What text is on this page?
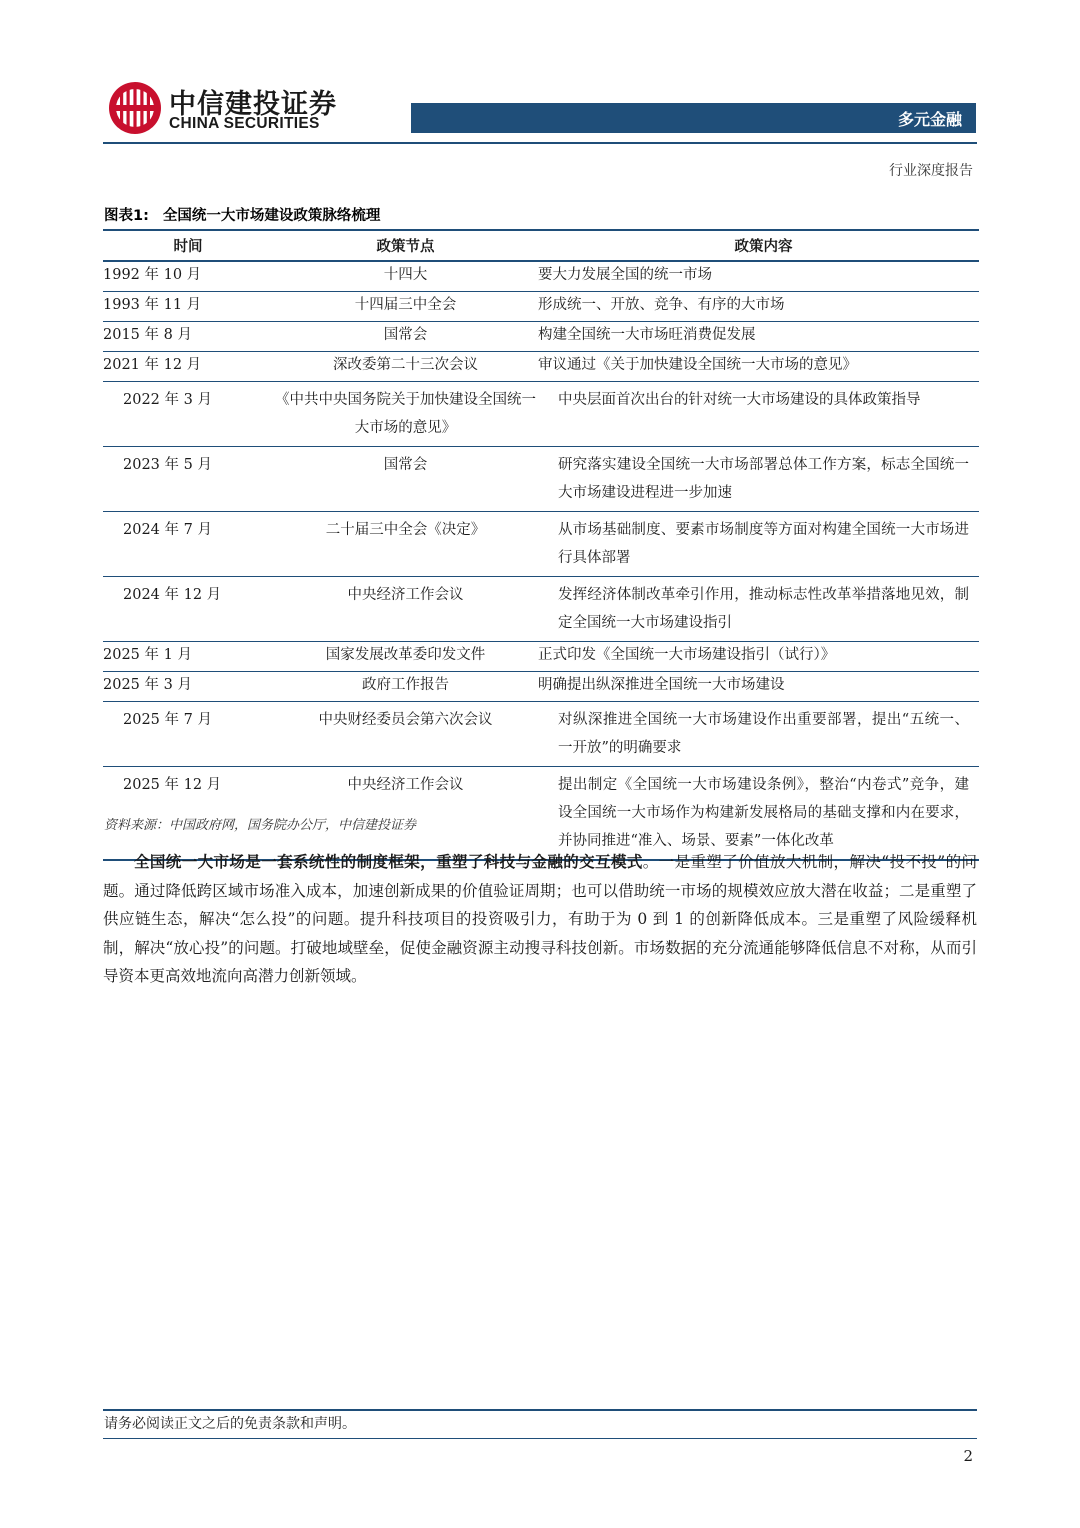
中信建投证券
CHINA SECURITIES	多元金融
行业深度报告
图表1: 全国统一大市场建设政策脉络梳理
时间	政策节点	政策内容
1992 年 10 月	十四大	要大力发展全国的统一市场
1993 年 11 月	十四届三中全会	形成统一、开放、竞争、有序的大市场
2015 年 8 月	国常会	构建全国统一大市场旺消费促发展
2021 年 12 月	深改委第二十三次会议	审议通过《关于加快建设全国统一大市场的意见》
2022 年 3 月	《中共中央国务院关于加快建设全国统一大市场的意见》	中央层面首次出台的针对统一大市场建设的具体政策指导
2023 年 5 月	国常会	研究落实建设全国统一大市场部署总体工作方案，标志全国统一大市场建设进程进一步加速
2024 年 7 月	二十届三中全会《决定》	从市场基础制度、要素市场制度等方面对构建全国统一大市场进行具体部署
2024 年 12 月	中央经济工作会议	发挥经济体制改革牵引作用，推动标志性改革举措落地见效，制定全国统一大市场建设指引
2025 年 1 月	国家发展改革委印发文件	正式印发《全国统一大市场建设指引（试行）》
2025 年 3 月	政府工作报告	明确提出纵深推进全国统一大市场建设
2025 年 7 月	中央财经委员会第六次会议	对纵深推进全国统一大市场建设作出重要部署，提出“五统一、一开放”的明确要求
2025 年 12 月	中央经济工作会议	提出制定《全国统一大市场建设条例》，整治“内卷式”竞争，建设全国统一大市场作为构建新发展格局的基础支撑和内在要求，并协同推进“准入、场景、要素”一体化改革
资料来源：中国政府网，国务院办公厅，中信建投证券
全国统一大市场是一套系统性的制度框架，重塑了科技与金融的交互模式。一是重塑了价值放大机制，解决“投不投”的问题。通过降低跨区域市场准入成本，加速创新成果的价值验证周期；也可以借助统一市场的规模效应放大潜在收益；二是重塑了供应链生态，解决“怎么投”的问题。提升科技项目的投资吸引力，有助于为 0 到 1 的创新降低成本。三是重塑了风险缓释机制，解决“放心投”的问题。打破地域壁垒，促使金融资源主动搜寻科技创新。市场数据的充分流通能够降低信息不对称，从而引导资本更高效地流向高潜力创新领域。
请务必阅读正文之后的免责条款和声明。
2
